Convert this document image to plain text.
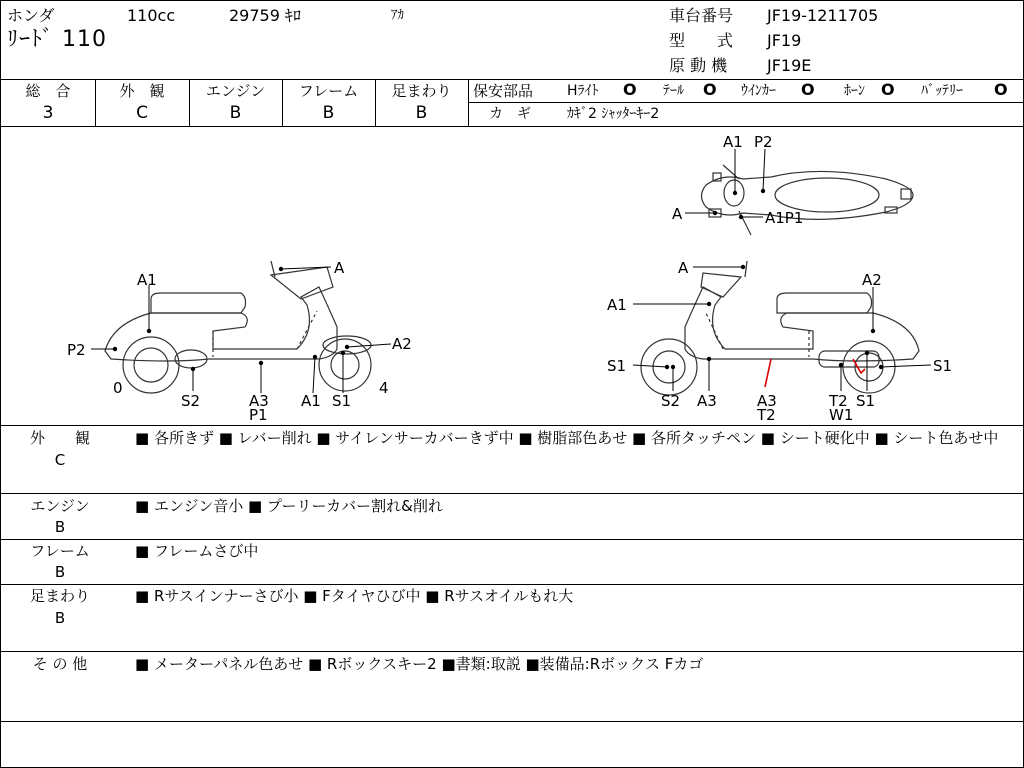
ホンダ	110cc	29759 ｷﾛ	ｱｶ
ﾘｰﾄﾞ 110
車台番号 JF19-1211705
型　　式 JF19
原 動 機 JF19E
総　合
3
外　観
C
エンジン
B
フレーム
B
足まわり
B
保安部品 Hﾗｲﾄ O ﾃｰﾙ O ｳｲﾝｶｰ O ﾎｰﾝ O ﾊﾞｯﾃﾘｰ O
カ　ギ	ｶｷﾞ2 ｼｬｯﾀｰｷｰ2
A1 P2
A	A1P1
A1
A
P2	A2
0	4
S2	A3
P1
A1 S1
A
A1
A2
S1	S1
S2 A3	A3
T2
T2
W1
S1
外　　観
C
■ 各所きず ■ レバー削れ ■ サイレンサーカバーきず中 ■ 樹脂部色あせ ■ 各所タッチペン ■ シート硬化中 ■ シート色あせ中
エンジン
B
■ エンジン音小 ■ プーリーカバー割れ&削れ
フレーム
B
■ フレームさび中
足まわり
B
■ Rサスインナーさび小 ■ Fタイヤひび中 ■ Rサスオイルもれ大
そ の 他	■ メーターパネル色あせ ■ Rボックスキー2 ■書類:取説 ■装備品:Rボックス Fカゴ
